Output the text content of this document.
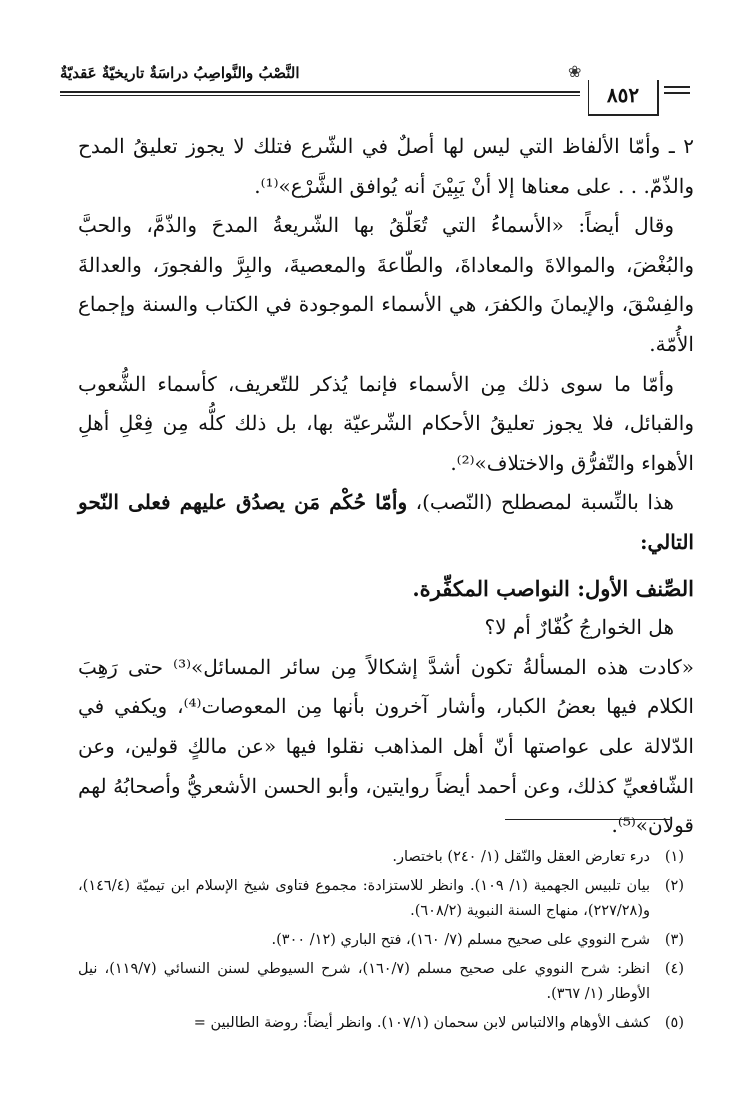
النَّصْبُ والنَّواصِبُ دراسَةٌ تاريخيّةٌ عَقديّةٌ	❀
٨٥٢

٢ ـ وأمّا الألفاظ التي ليس لها أصلٌ في الشّرع فتلك لا يجوز تعليقُ المدح والذّمّ. . . على معناها إلا أنْ يَبِيْنَ أنه يُوافق الشَّرْع»⁽¹⁾.

وقال أيضاً: «الأسماءُ التي تُعَلّقُ بها الشّريعةُ المدحَ والذّمَّ، والحبَّ والبُغْضَ، والموالاةَ والمعاداةَ، والطّاعةَ والمعصيةَ، والبِرَّ والفجورَ، والعدالةَ والفِسْقَ، والإيمانَ والكفرَ، هي الأسماء الموجودة في الكتاب والسنة وإجماع الأُمّة.

وأمّا ما سوى ذلك مِن الأسماء فإنما يُذكر للتّعريف، كأسماء الشُّعوب والقبائل، فلا يجوز تعليقُ الأحكام الشّرعيّة بها، بل ذلك كلُّه مِن فِعْلِ أهلِ الأهواء والتّفرُّق والاختلاف»⁽²⁾.

هذا بالنِّسبة لمصطلح (النّصب)، وأمّا حُكْم مَن يصدُق عليهم فعلى النّحو التالي:

الصِّنف الأول: النواصب المكفِّرة.

هل الخوارجُ كُفّارٌ أم لا؟

«كادت هذه المسألةُ تكون أشدَّ إشكالاً مِن سائر المسائل»⁽³⁾ حتى رَهِبَ الكلام فيها بعضُ الكبار، وأشار آخرون بأنها مِن المعوصات⁽⁴⁾، ويكفي في الدّلالة على عواصتها أنّ أهل المذاهب نقلوا فيها «عن مالكٍ قولين، وعن الشّافعيِّ كذلك، وعن أحمد أيضاً روايتين، وأبو الحسن الأشعريُّ وأصحابُهُ لهم قولان»⁽⁵⁾.

(١)
درء تعارض العقل والنّقل (١/ ٢٤٠) باختصار.
(٢)
بيان تلبيس الجهمية (١/ ١٠٩). وانظر للاستزادة: مجموع فتاوى شيخ الإسلام ابن تيميّة (١٤٦/٤)، و(٢٢٧/٢٨)، منهاج السنة النبوية (٦٠٨/٢).
(٣)
شرح النووي على صحيح مسلم (٧/ ١٦٠)، فتح الباري (١٢/ ٣٠٠).
(٤)
انظر: شرح النووي على صحيح مسلم (١٦٠/٧)، شرح السيوطي لسنن النسائي (١١٩/٧)، نيل الأوطار (١/ ٣٦٧).
(٥)
كشف الأوهام والالتباس لابن سحمان (١٠٧/١). وانظر أيضاً: روضة الطالبين =
